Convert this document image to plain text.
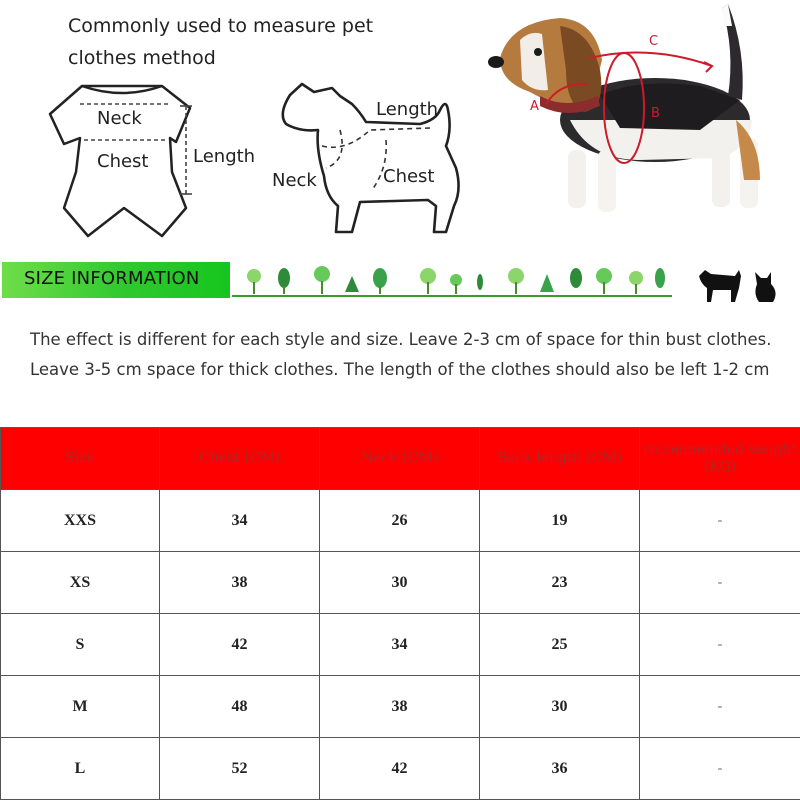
Commonly used to measure pet clothes method
Neck
Chest Length
Length
Neck	Chest
A	B
C
SIZE INFORMATION
The effect is different for each style and size. Leave 2-3 cm of space for thin bust clothes.
Leave 3-5 cm space for thick clothes. The length of the clothes should also be left 1-2 cm
Size	Chest (CM)	Neck (CM)	Back length (CM)	recommended weight (KG)
XXS	34	26	19	-
XS	38	30	23	-
S	42	34	25	-
M	48	38	30	-
L	52	42	36	-
